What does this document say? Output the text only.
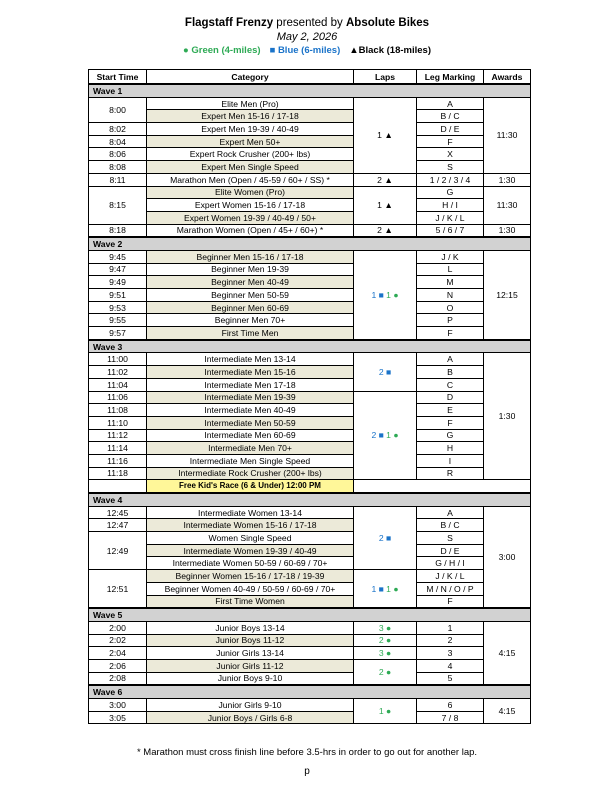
Flagstaff Frenzy presented by Absolute Bikes
May 2, 2026
● Green (4-miles) ■ Blue (6-miles) ▲Black (18-miles)
Start Time	Category	Laps	Leg Marking	Awards
Wave 1				
8:00	Elite Men (Pro)	1 ▲	A	11:30
	Expert Men 15-16 / 17-18		B / C	
8:02	Expert Men 19-39 / 40-49		D / E	
8:04	Expert Men 50+		F	
8:06	Expert Rock Crusher (200+ lbs)		X	
8:08	Expert Men Single Speed		S	
8:11	Marathon Men (Open / 45-59 / 60+ / SS) *	2 ▲	1 / 2 / 3 / 4	1:30
8:15	Elite Women (Pro)	1 ▲	G	11:30
	Expert Women 15-16 / 17-18		H / I	
	Expert Women 19-39 / 40-49 / 50+		J / K / L	
8:18	Marathon Women (Open / 45+ / 60+) *	2 ▲	5 / 6 / 7	1:30
Wave 2				
9:45	Beginner Men 15-16 / 17-18	1 ■ 1 ●	J / K	12:15
9:47	Beginner Men 19-39		L	
9:49	Beginner Men 40-49		M	
9:51	Beginner Men 50-59		N	
9:53	Beginner Men 60-69		O	
9:55	Beginner Men 70+		P	
9:57	First Time Men		F	
Wave 3				
11:00	Intermediate Men 13-14	2 ■	A	1:30
11:02	Intermediate Men 15-16		B	
11:04	Intermediate Men 17-18		C	
11:06	Intermediate Men 19-39	2 ■ 1 ●	D	
11:08	Intermediate Men 40-49		E	
11:10	Intermediate Men 50-59		F	
11:12	Intermediate Men 60-69		G	
11:14	Intermediate Men 70+		H	
11:16	Intermediate Men Single Speed		I	
11:18	Intermediate Rock Crusher (200+ lbs)		R	
	Free Kid's Race (6 & Under) 12:00 PM			
Wave 4				
12:45	Intermediate Women 13-14	2 ■	A	3:00
12:47	Intermediate Women 15-16 / 17-18		B / C	
12:49	Women Single Speed		S	
	Intermediate Women 19-39 / 40-49		D / E	
	Intermediate Women 50-59 / 60-69 / 70+		G / H / I	
12:51	Beginner Women 15-16 / 17-18 / 19-39	1 ■ 1 ●	J / K / L	
	Beginner Women 40-49 / 50-59 / 60-69 / 70+		M / N / O / P	
	First Time Women		F	
Wave 5				
2:00	Junior Boys 13-14	3 ●	1	4:15
2:02	Junior Boys 11-12	2 ●	2	
2:04	Junior Girls 13-14	3 ●	3	
2:06	Junior Girls 11-12	2 ●	4	
2:08	Junior Boys 9-10		5	
Wave 6				
3:00	Junior Girls 9-10	1 ●	6	4:15
3:05	Junior Boys / Girls 6-8		7 / 8	
* Marathon must cross finish line before 3.5-hrs in order to go out for another lap.
p
